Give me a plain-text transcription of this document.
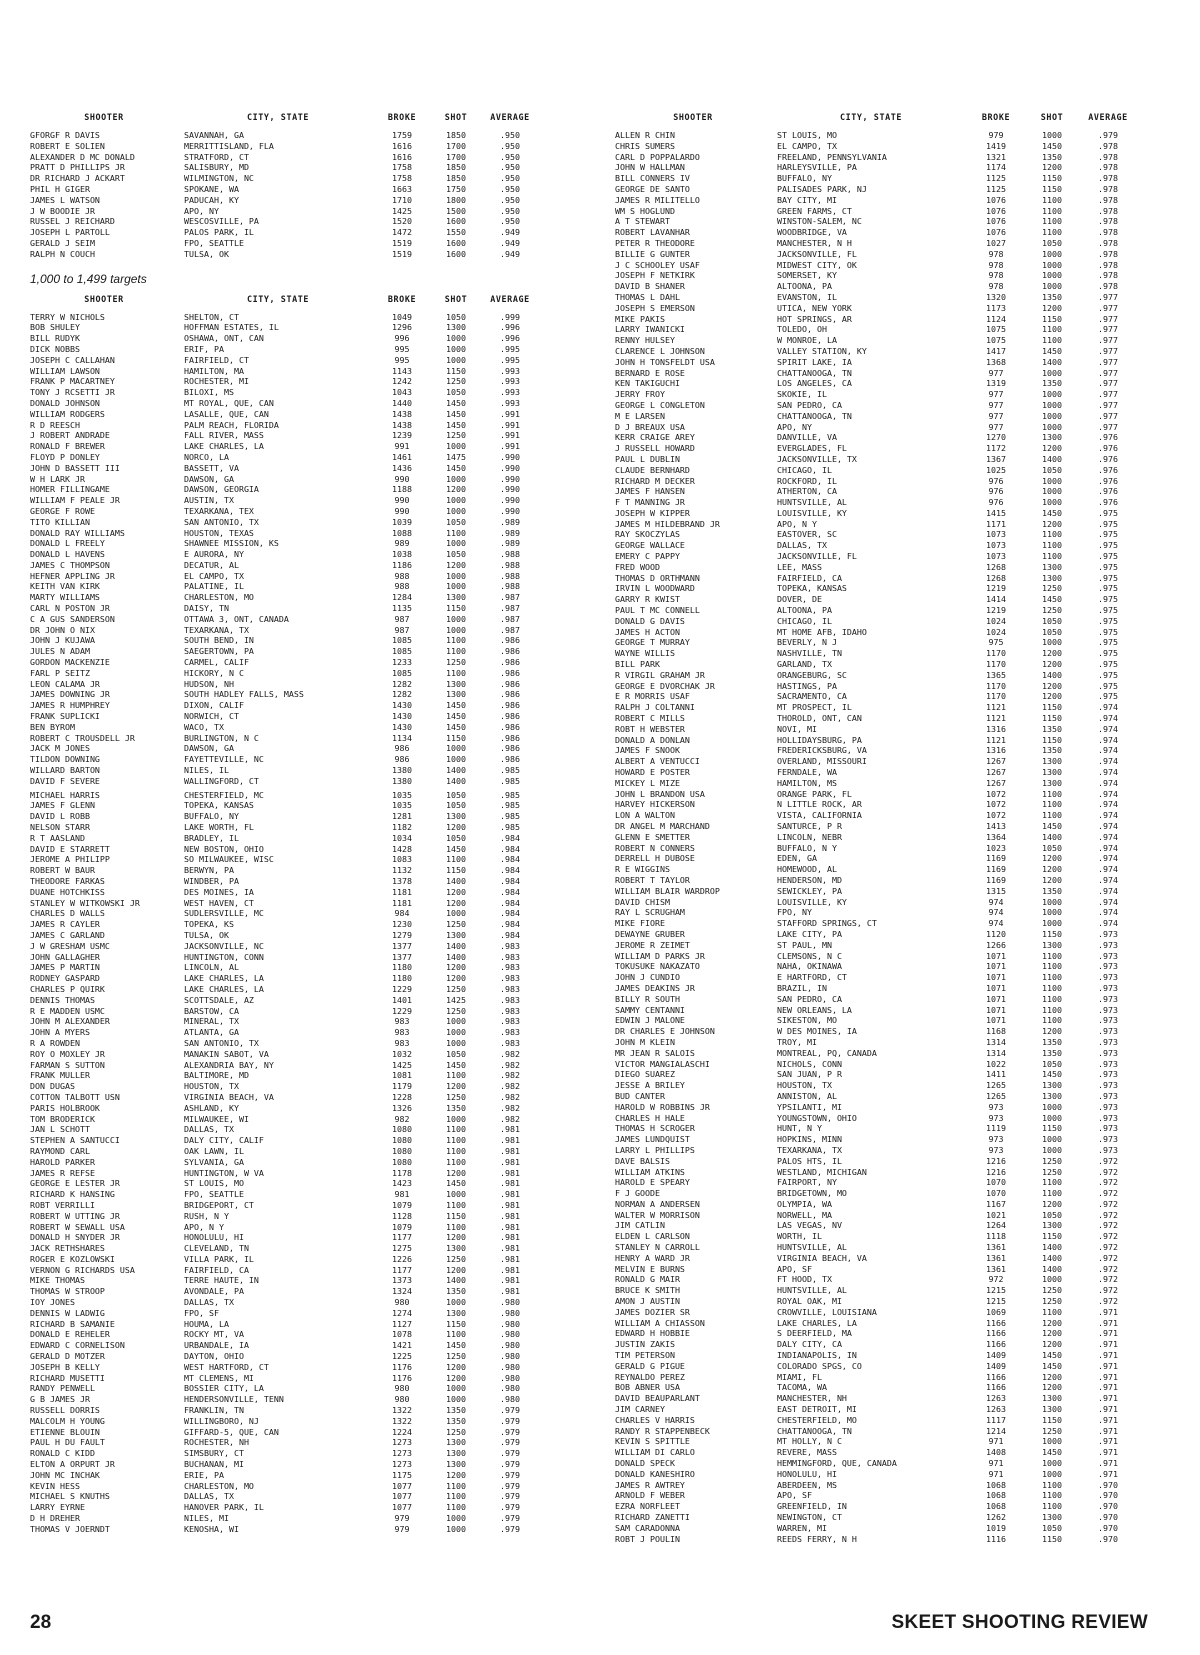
SHOOTER	CITY, STATE	BROKE	SHOT	AVERAGE
GFORGF R DAVIS	SAVANNAH, GA	1759	1850	.950
ROBERT E SOLIEN	MERRITTISLAND, FLA	1616	1700	.950
ALEXANDER D MC DONALD	STRATFORD, CT	1616	1700	.950
PRATT D PHILLIPS JR	SALISBURY, MD	1758	1850	.950
DR RICHARD J ACKART	WILMINGTON, NC	1758	1850	.950
PHIL H GIGER	SPOKANE, WA	1663	1750	.950
JAMES L WATSON	PADUCAH, KY	1710	1800	.950
J W BOODIE JR	APO, NY	1425	1500	.950
RUSSEL J REICHARD	WESCOSVILLE, PA	1520	1600	.950
JOSEPH L PARTOLL	PALOS PARK, IL	1472	1550	.949
GERALD J SEIM	FPO, SEATTLE	1519	1600	.949
RALPH N COUCH	TULSA, OK	1519	1600	.949
1,000 to 1,499 targets
SHOOTER	CITY, STATE	BROKE	SHOT	AVERAGE
TERRY W NICHOLS	SHELTON, CT	1049	1050	.999
BOB SHULEY	HOFFMAN ESTATES, IL	1296	1300	.996
BILL RUDYK	OSHAWA, ONT, CAN	996	1000	.996
DICK NOBBS	ERIF, PA	995	1000	.995
JOSEPH C CALLAHAN	FAIRFIELD, CT	995	1000	.995
WILLIAM LAWSON	HAMILTON, MA	1143	1150	.993
FRANK P MACARTNEY	ROCHESTER, MI	1242	1250	.993
TONY J RCSETTI JR	BILOXI, MS	1043	1050	.993
DONALD JOHNSON	MT ROYAL, QUE, CAN	1440	1450	.993
WILLIAM RODGERS	LASALLE, QUE, CAN	1438	1450	.991
R D REESCH	PALM REACH, FLORIDA	1438	1450	.991
J ROBERT ANDRADE	FALL RIVER, MASS	1239	1250	.991
RONALD F BREWER	LAKE CHARLES, LA	991	1000	.991
FLOYD P DONLEY	NORCO, LA	1461	1475	.990
JOHN D BASSETT III	BASSETT, VA	1436	1450	.990
W H LARK JR	DAWSON, GA	990	1000	.990
HOMER FILLINGAME	DAWSON, GEORGIA	1188	1200	.990
WILLIAM F PEALE JR	AUSTIN, TX	990	1000	.990
GEORGE F ROWE	TEXARKANA, TEX	990	1000	.990
TITO KILLIAN	SAN ANTONIO, TX	1039	1050	.989
DONALD RAY WILLIAMS	HOUSTON, TEXAS	1088	1100	.989
DONALD L FREELY	SHAWNEE MISSION, KS	989	1000	.989
DONALD L HAVENS	E AURORA, NY	1038	1050	.988
JAMES C THOMPSON	DECATUR, AL	1186	1200	.988
HEFNER APPLING JR	EL CAMPO, TX	988	1000	.988
KEITH VAN KIRK	PALATINE, IL	988	1000	.988
MARTY WILLIAMS	CHARLESTON, MO	1284	1300	.987
CARL N POSTON JR	DAISY, TN	1135	1150	.987
C A GUS SANDERSON	OTTAWA 3, ONT, CANADA	987	1000	.987
DR JOHN O NIX	TEXARKANA, TX	987	1000	.987
JOHN J KUJAWA	SOUTH BEND, IN	1085	1100	.986
JULES N ADAM	SAEGERTOWN, PA	1085	1100	.986
GORDON MACKENZIE	CARMEL, CALIF	1233	1250	.986
FARL P SEITZ	HICKORY, N C	1085	1100	.986
LEON CALAMA JR	HUDSON, NH	1282	1300	.986
JAMES DOWNING JR	SOUTH HADLEY FALLS, MASS	1282	1300	.986
JAMES R HUMPHREY	DIXON, CALIF	1430	1450	.986
FRANK SUPLICKI	NORWICH, CT	1430	1450	.986
BEN BYROM	WACO, TX	1430	1450	.986
ROBERT C TROUSDELL JR	BURLINGTON, N C	1134	1150	.986
JACK M JONES	DAWSON, GA	986	1000	.986
TILDON DOWNING	FAYETTEVILLE, NC	986	1000	.986
WILLARD BARTON	NILES, IL	1380	1400	.985
DAVID F SEVERE	WALLINGFORD, CT	1380	1400	.985
MICHAEL HARRIS	CHESTERFIELD, MC	1035	1050	.985
JAMES F GLENN	TOPEKA, KANSAS	1035	1050	.985
DAVID L ROBB	BUFFALO, NY	1281	1300	.985
NELSON STARR	LAKE WORTH, FL	1182	1200	.985
R T AASLAND	BRADLEY, IL	1034	1050	.984
DAVID E STARRETT	NEW BOSTON, OHIO	1428	1450	.984
JEROME A PHILIPP	SO MILWAUKEE, WISC	1083	1100	.984
ROBERT W BAUR	BERWYN, PA	1132	1150	.984
THEODORE FARKAS	WINDBER, PA	1378	1400	.984
DUANE HOTCHKISS	DES MOINES, IA	1181	1200	.984
STANLEY W WITKOWSKI JR	WEST HAVEN, CT	1181	1200	.984
CHARLES D WALLS	SUDLERSVILLE, MC	984	1000	.984
JAMES R CAYLER	TOPEKA, KS	1230	1250	.984
JAMES C GARLAND	TULSA, OK	1279	1300	.984
J W GRESHAM USMC	JACKSONVILLE, NC	1377	1400	.983
JOHN GALLAGHER	HUNTINGTON, CONN	1377	1400	.983
JAMES P MARTIN	LINCOLN, AL	1180	1200	.983
RODNEY GASPARD	LAKE CHARLES, LA	1180	1200	.983
CHARLES P QUIRK	LAKE CHARLES, LA	1229	1250	.983
DENNIS THOMAS	SCOTTSDALE, AZ	1401	1425	.983
R E MADDEN USMC	BARSTOW, CA	1229	1250	.983
JOHN M ALEXANDER	MINERAL, TX	983	1000	.983
JOHN A MYERS	ATLANTA, GA	983	1000	.983
R A ROWDEN	SAN ANTONIO, TX	983	1000	.983
ROY O MOXLEY JR	MANAKIN SABOT, VA	1032	1050	.982
FARMAN S SUTTON	ALEXANDRIA BAY, NY	1425	1450	.982
FRANK MULLER	BALTIMORE, MD	1081	1100	.982
DON DUGAS	HOUSTON, TX	1179	1200	.982
COTTON TALBOTT USN	VIRGINIA BEACH, VA	1228	1250	.982
PARIS HOLBROOK	ASHLAND, KY	1326	1350	.982
TOM BRODERICK	MILWAUKEE, WI	982	1000	.982
JAN L SCHOTT	DALLAS, TX	1080	1100	.981
STEPHEN A SANTUCCI	DALY CITY, CALIF	1080	1100	.981
RAYMOND CARL	OAK LAWN, IL	1080	1100	.981
HAROLD PARKER	SYLVANIA, GA	1080	1100	.981
JAMES R REFSE	HUNTINGTON, W VA	1178	1200	.981
GEORGE E LESTER JR	ST LOUIS, MO	1423	1450	.981
RICHARD K HANSING	FPO, SEATTLE	981	1000	.981
ROBT VERRILLI	BRIDGEPORT, CT	1079	1100	.981
ROBERT W UTTING JR	RUSH, N Y	1128	1150	.981
ROBERT W SEWALL USA	APO, N Y	1079	1100	.981
DONALD H SNYDER JR	HONOLULU, HI	1177	1200	.981
JACK RETHSHARES	CLEVELAND, TN	1275	1300	.981
ROGER E KOZLOWSKI	VILLA PARK, IL	1226	1250	.981
VERNON G RICHARDS USA	FAIRFIELD, CA	1177	1200	.981
MIKE THOMAS	TERRE HAUTE, IN	1373	1400	.981
THOMAS W STROOP	AVONDALE, PA	1324	1350	.981
IOY JONES	DALLAS, TX	980	1000	.980
DENNIS W LADWIG	FPO, SF	1274	1300	.980
RICHARD B SAMANIE	HOUMA, LA	1127	1150	.980
DONALD E REHELER	ROCKY MT, VA	1078	1100	.980
EDWARD C CORNELISON	URBANDALE, IA	1421	1450	.980
GERALD D MOTZER	DAYTON, OHIO	1225	1250	.980
JOSEPH B KELLY	WEST HARTFORD, CT	1176	1200	.980
RICHARD MUSETTI	MT CLEMENS, MI	1176	1200	.980
RANDY PENWELL	BOSSIER CITY, LA	980	1000	.980
G B JAMES JR	HENDERSONVILLE, TENN	980	1000	.980
RUSSELL DORRIS	FRANKLIN, TN	1322	1350	.979
MALCOLM H YOUNG	WILLINGBORO, NJ	1322	1350	.979
ETIENNE BLOUIN	GIFFARD-5, QUE, CAN	1224	1250	.979
PAUL H DU FAULT	ROCHESTER, NH	1273	1300	.979
RONALD C KIDD	SIMSBURY, CT	1273	1300	.979
ELTON A ORPURT JR	BUCHANAN, MI	1273	1300	.979
JOHN MC INCHAK	ERIE, PA	1175	1200	.979
KEVIN HESS	CHARLESTON, MO	1077	1100	.979
MICHAEL S KNUTHS	DALLAS, TX	1077	1100	.979
LARRY EYRNE	HANOVER PARK, IL	1077	1100	.979
D H DREHER	NILES, MI	979	1000	.979
THOMAS V JOERNDT	KENOSHA, WI	979	1000	.979
SHOOTER	CITY, STATE	BROKE	SHOT	AVERAGE
ALLEN R CHIN	ST LOUIS, MO	979	1000	.979
CHRIS SUMERS	EL CAMPO, TX	1419	1450	.978
CARL D POPPALARDO	FREELAND, PENNSYLVANIA	1321	1350	.978
JOHN W HALLMAN	HARLEYSVILLE, PA	1174	1200	.978
BILL CONNERS IV	BUFFALO, NY	1125	1150	.978
GEORGE DE SANTO	PALISADES PARK, NJ	1125	1150	.978
JAMES R MILITELLO	BAY CITY, MI	1076	1100	.978
WM S HOGLUND	GREEN FARMS, CT	1076	1100	.978
A T STEWART	WINSTON-SALEM, NC	1076	1100	.978
ROBERT LAVANHAR	WOODBRIDGE, VA	1076	1100	.978
PETER R THEODORE	MANCHESTER, N H	1027	1050	.978
BILLIE G GUNTER	JACKSONVILLE, FL	978	1000	.978
J C SCHOOLEY USAF	MIDWEST CITY, OK	978	1000	.978
JOSEPH F NETKIRK	SOMERSET, KY	978	1000	.978
DAVID B SHANER	ALTOONA, PA	978	1000	.978
THOMAS L DAHL	EVANSTON, IL	1320	1350	.977
JOSEPH S EMERSON	UTICA, NEW YORK	1173	1200	.977
MIKE PAKIS	HOT SPRINGS, AR	1124	1150	.977
LARRY IWANICKI	TOLEDO, OH	1075	1100	.977
RENNY HULSEY	W MONROE, LA	1075	1100	.977
CLARENCE L JOHNSON	VALLEY STATION, KY	1417	1450	.977
JOHN H TONSFELDT USA	SPIRIT LAKE, IA	1368	1400	.977
BERNARD E ROSE	CHATTANOOGA, TN	977	1000	.977
KEN TAKIGUCHI	LOS ANGELES, CA	1319	1350	.977
JERRY FROY	SKOKIE, IL	977	1000	.977
GEORGE L CONGLETON	SAN PEDRO, CA	977	1000	.977
M E LARSEN	CHATTANOOGA, TN	977	1000	.977
D J BREAUX USA	APO, NY	977	1000	.977
KERR CRAIGE AREY	DANVILLE, VA	1270	1300	.976
J RUSSELL HOWARD	EVERGLADES, FL	1172	1200	.976
PAUL L DUBLIN	JACKSONVILLE, TX	1367	1400	.976
CLAUDE BERNHARD	CHICAGO, IL	1025	1050	.976
RICHARD M DECKER	ROCKFORD, IL	976	1000	.976
JAMES F HANSEN	ATHERTON, CA	976	1000	.976
F T MANNING JR	HUNTSVILLE, AL	976	1000	.976
JOSEPH W KIPPER	LOUISVILLE, KY	1415	1450	.975
JAMES M HILDEBRAND JR	APO, N Y	1171	1200	.975
RAY SKOCZYLAS	EASTOVER, SC	1073	1100	.975
GEORGE WALLACE	DALLAS, TX	1073	1100	.975
EMERY C PAPPY	JACKSONVILLE, FL	1073	1100	.975
FRED WOOD	LEE, MASS	1268	1300	.975
THOMAS D ORTHMANN	FAIRFIELD, CA	1268	1300	.975
IRVIN L WOODWARD	TOPEKA, KANSAS	1219	1250	.975
GARRY R KWIST	DOVER, DE	1414	1450	.975
PAUL T MC CONNELL	ALTOONA, PA	1219	1250	.975
DONALD G DAVIS	CHICAGO, IL	1024	1050	.975
JAMES H ACTON	MT HOME AFB, IDAHO	1024	1050	.975
GEORGE T MURRAY	BEVERLY, N J	975	1000	.975
WAYNE WILLIS	NASHVILLE, TN	1170	1200	.975
BILL PARK	GARLAND, TX	1170	1200	.975
R VIRGIL GRAHAM JR	ORANGEBURG, SC	1365	1400	.975
GEORGE E DVORCHAK JR	HASTINGS, PA	1170	1200	.975
E R MORRIS USAF	SACRAMENTO, CA	1170	1200	.975
RALPH J COLTANNI	MT PROSPECT, IL	1121	1150	.974
ROBERT C MILLS	THOROLD, ONT, CAN	1121	1150	.974
ROBT H WEBSTER	NOVI, MI	1316	1350	.974
DONALD A DONLAN	HOLLIDAYSBURG, PA	1121	1150	.974
JAMES F SNOOK	FREDERICKSBURG, VA	1316	1350	.974
ALBERT A VENTUCCI	OVERLAND, MISSOURI	1267	1300	.974
HOWARD E POSTER	FERNDALE, WA	1267	1300	.974
MICKEY L MIZE	HAMILTON, MS	1267	1300	.974
JOHN L BRANDON USA	ORANGE PARK, FL	1072	1100	.974
HARVEY HICKERSON	N LITTLE ROCK, AR	1072	1100	.974
LON A WALTON	VISTA, CALIFORNIA	1072	1100	.974
DR ANGEL M MARCHAND	SANTURCE, P R	1413	1450	.974
GLENN E SMETTER	LINCOLN, NEBR	1364	1400	.974
ROBERT N CONNERS	BUFFALO, N Y	1023	1050	.974
DERRELL H DUBOSE	EDEN, GA	1169	1200	.974
R E WIGGINS	HOMEWOOD, AL	1169	1200	.974
ROBERT T TAYLOR	HENDERSON, MD	1169	1200	.974
WILLIAM BLAIR WARDROP	SEWICKLEY, PA	1315	1350	.974
DAVID CHISM	LOUISVILLE, KY	974	1000	.974
RAY L SCRUGHAM	FPO, NY	974	1000	.974
MIKE FIORE	STAFFORD SPRINGS, CT	974	1000	.974
DEWAYNE GRUBER	LAKE CITY, PA	1120	1150	.973
JEROME R ZEIMET	ST PAUL, MN	1266	1300	.973
WILLIAM D PARKS JR	CLEMSONS, N C	1071	1100	.973
TOKUSUKE NAKAZATO	NAHA, OKINAWA	1071	1100	.973
JOHN J CUNDIO	E HARTFORD, CT	1071	1100	.973
JAMES DEAKINS JR	BRAZIL, IN	1071	1100	.973
BILLY R SOUTH	SAN PEDRO, CA	1071	1100	.973
SAMMY CENTANNI	NEW ORLEANS, LA	1071	1100	.973
EDWIN J MALONE	SIKESTON, MO	1071	1100	.973
DR CHARLES E JOHNSON	W DES MOINES, IA	1168	1200	.973
JOHN M KLEIN	TROY, MI	1314	1350	.973
MR JEAN R SALOIS	MONTREAL, PQ, CANADA	1314	1350	.973
VICTOR MANGIALASCHI	NICHOLS, CONN	1022	1050	.973
DIEGO SUAREZ	SAN JUAN, P R	1411	1450	.973
JESSE A BRILEY	HOUSTON, TX	1265	1300	.973
BUD CANTER	ANNISTON, AL	1265	1300	.973
HAROLD W ROBBINS JR	YPSILANTI, MI	973	1000	.973
CHARLES H HALE	YOUNGSTOWN, OHIO	973	1000	.973
THOMAS H SCROGER	HUNT, N Y	1119	1150	.973
JAMES LUNDQUIST	HOPKINS, MINN	973	1000	.973
LARRY L PHILLIPS	TEXARKANA, TX	973	1000	.973
DAVE BALSIS	PALOS HTS, IL	1216	1250	.972
WILLIAM ATKINS	WESTLAND, MICHIGAN	1216	1250	.972
HAROLD E SPEARY	FAIRPORT, NY	1070	1100	.972
F J GOODE	BRIDGETOWN, MO	1070	1100	.972
NORMAN A ANDERSEN	OLYMPIA, WA	1167	1200	.972
WALTER W MORRISON	NORWELL, MA	1021	1050	.972
JIM CATLIN	LAS VEGAS, NV	1264	1300	.972
ELDEN L CARLSON	WORTH, IL	1118	1150	.972
STANLEY N CARROLL	HUNTSVILLE, AL	1361	1400	.972
HENRY A WARD JR	VIRGINIA BEACH, VA	1361	1400	.972
MELVIN E BURNS	APO, SF	1361	1400	.972
RONALD G MAIR	FT HOOD, TX	972	1000	.972
BRUCE K SMITH	HUNTSVILLE, AL	1215	1250	.972
AMON J AUSTIN	ROYAL OAK, MI	1215	1250	.972
JAMES DOZIER SR	CROWVILLE, LOUISIANA	1069	1100	.971
WILLIAM A CHIASSON	LAKE CHARLES, LA	1166	1200	.971
EDWARD H HOBBIE	S DEERFIELD, MA	1166	1200	.971
JUSTIN ZAKIS	DALY CITY, CA	1166	1200	.971
TIM PETERSON	INDIANAPOLIS, IN	1409	1450	.971
GERALD G PIGUE	COLORADO SPGS, CO	1409	1450	.971
REYNALDO PEREZ	MIAMI, FL	1166	1200	.971
BOB ABNER USA	TACOMA, WA	1166	1200	.971
DAVID BEAUPARLANT	MANCHESTER, NH	1263	1300	.971
JIM CARNEY	EAST DETROIT, MI	1263	1300	.971
CHARLES V HARRIS	CHESTERFIELD, MO	1117	1150	.971
RANDY R STAPPENBECK	CHATTANOOGA, TN	1214	1250	.971
KEVIN S SPITTLE	MT HOLLY, N C	971	1000	.971
WILLIAM DI CARLO	REVERE, MASS	1408	1450	.971
DONALD SPECK	HEMMINGFORD, QUE, CANADA	971	1000	.971
DONALD KANESHIRO	HONOLULU, HI	971	1000	.971
JAMES R AWTREY	ABERDEEN, MS	1068	1100	.970
ARNOLD F WEBER	APO, SF	1068	1100	.970
EZRA NORFLEET	GREENFIELD, IN	1068	1100	.970
RICHARD ZANETTI	NEWINGTON, CT	1262	1300	.970
SAM CARADONNA	WARREN, MI	1019	1050	.970
ROBT J POULIN	REEDS FERRY, N H	1116	1150	.970
28	SKEET SHOOTING REVIEW
